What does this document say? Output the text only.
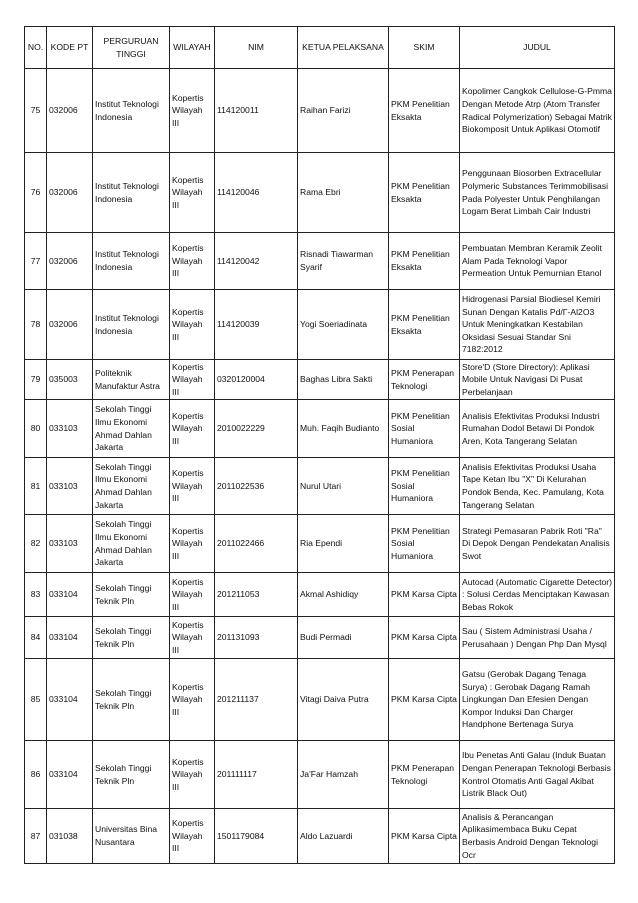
NO.	KODE PT	PERGURUAN TINGGI	WILAYAH	NIM	KETUA PELAKSANA	SKIM	JUDUL
75	032006	Institut Teknologi Indonesia	Kopertis Wilayah III	114120011	Raihan Farizi	PKM Penelitian Eksakta	Kopolimer Cangkok Cellulose-G-Pmma Dengan Metode Atrp (Atom Transfer Radical Polymerization) Sebagai Matrik Biokomposit Untuk Aplikasi Otomotif
76	032006	Institut Teknologi Indonesia	Kopertis Wilayah III	114120046	Rama Ebri	PKM Penelitian Eksakta	Penggunaan Biosorben Extracellular Polymeric Substances Terimmobilisasi Pada Polyester Untuk Penghilangan Logam Berat Limbah Cair Industri
77	032006	Institut Teknologi Indonesia	Kopertis Wilayah III	114120042	Risnadi Tiawarman Syarif	PKM Penelitian Eksakta	Pembuatan Membran Keramik Zeolit Alam Pada Teknologi Vapor Permeation Untuk Pemurnian Etanol
78	032006	Institut Teknologi Indonesia	Kopertis Wilayah III	114120039	Yogi Soeriadinata	PKM Penelitian Eksakta	Hidrogenasi Parsial Biodiesel Kemiri Sunan Dengan Katalis Pd/Γ-Al2O3 Untuk Meningkatkan Kestabilan Oksidasi Sesuai Standar Sni 7182:2012
79	035003	Politeknik Manufaktur Astra	Kopertis Wilayah III	0320120004	Baghas Libra Sakti	PKM Penerapan Teknologi	Store'D (Store Directory): Aplikasi Mobile Untuk Navigasi Di Pusat Perbelanjaan
80	033103	Sekolah Tinggi Ilmu Ekonomi Ahmad Dahlan Jakarta	Kopertis Wilayah III	2010022229	Muh. Faqih Budianto	PKM Penelitian Sosial Humaniora	Analisis Efektivitas Produksi Industri Rumahan Dodol Betawi Di Pondok Aren, Kota Tangerang Selatan
81	033103	Sekolah Tinggi Ilmu Ekonomi Ahmad Dahlan Jakarta	Kopertis Wilayah III	2011022536	Nurul Utari	PKM Penelitian Sosial Humaniora	Analisis Efektivitas Produksi Usaha Tape Ketan Ibu "X" Di Kelurahan Pondok Benda, Kec. Pamulang, Kota Tangerang Selatan
82	033103	Sekolah Tinggi Ilmu Ekonomi Ahmad Dahlan Jakarta	Kopertis Wilayah III	2011022466	Ria Ependi	PKM Penelitian Sosial Humaniora	Strategi Pemasaran Pabrik Roti "Ra" Di Depok Dengan Pendekatan Analisis Swot
83	033104	Sekolah Tinggi Teknik Pln	Kopertis Wilayah III	201211053	Akmal Ashidiqy	PKM Karsa Cipta	Autocad (Automatic Cigarette Detector) : Solusi Cerdas Menciptakan Kawasan Bebas Rokok
84	033104	Sekolah Tinggi Teknik Pln	Kopertis Wilayah III	201131093	Budi Permadi	PKM Karsa Cipta	Sau ( Sistem Administrasi Usaha / Perusahaan ) Dengan Php Dan Mysql
85	033104	Sekolah Tinggi Teknik Pln	Kopertis Wilayah III	201211137	Vitagi Daiva Putra	PKM Karsa Cipta	Gatsu (Gerobak Dagang Tenaga Surya) : Gerobak Dagang Ramah Lingkungan Dan Efesien Dengan Kompor Induksi Dan Charger Handphone Bertenaga Surya
86	033104	Sekolah Tinggi Teknik Pln	Kopertis Wilayah III	201111117	Ja'Far Hamzah	PKM Penerapan Teknologi	Ibu Penetas Anti Galau (Induk Buatan Dengan Penerapan Teknologi Berbasis Kontrol Otomatis Anti Gagal Akibat Listrik Black Out)
87	031038	Universitas Bina Nusantara	Kopertis Wilayah III	1501179084	Aldo Lazuardi	PKM Karsa Cipta	Analisis & Perancangan Aplikasimembaca Buku Cepat Berbasis Android Dengan Teknologi Ocr
